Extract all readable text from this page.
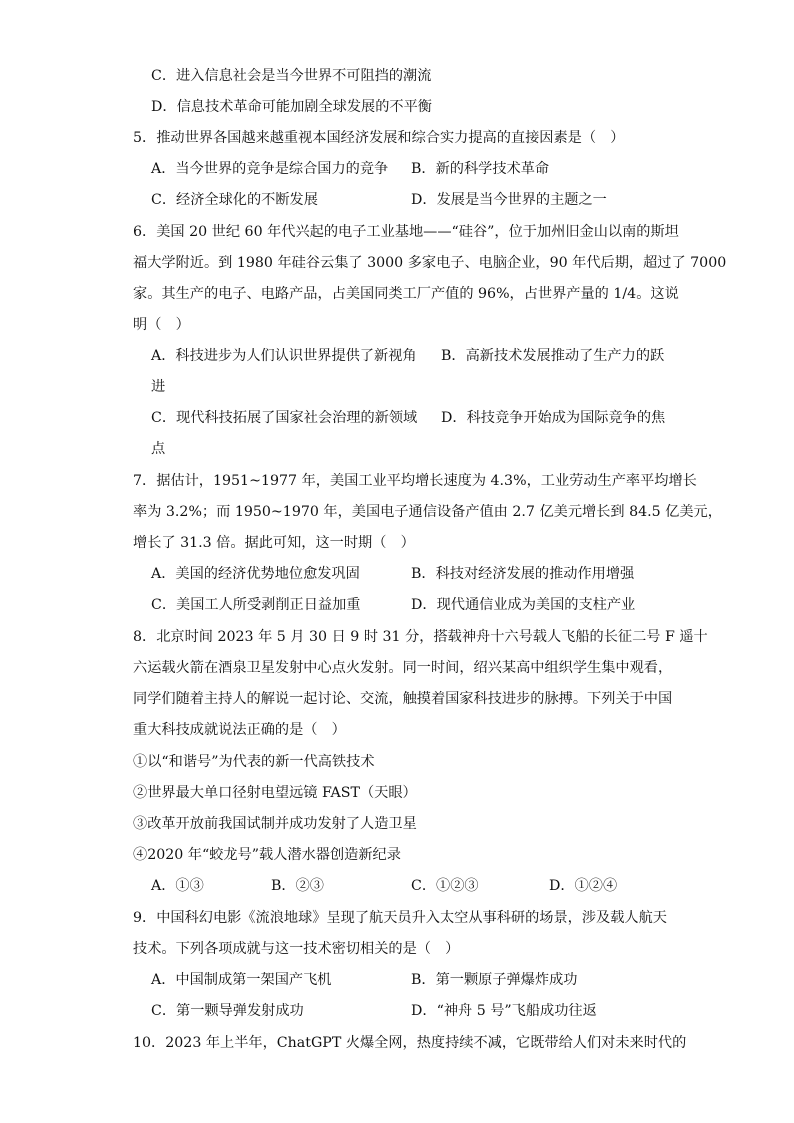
C．进入信息社会是当今世界不可阻挡的潮流
D．信息技术革命可能加剧全球发展的不平衡
5．推动世界各国越来越重视本国经济发展和综合实力提高的直接因素是（　）
A．当今世界的竞争是综合国力的竞争 B．新的科学技术革命
C．经济全球化的不断发展	D．发展是当今世界的主题之一
6．美国 20 世纪 60 年代兴起的电子工业基地——“硅谷”，位于加州旧金山以南的斯坦
福大学附近。到 1980 年硅谷云集了 3000 多家电子、电脑企业，90 年代后期，超过了 7000
家。其生产的电子、电路产品，占美国同类工厂产值的 96%，占世界产量的 1/4。这说
明（　）
A．科技进步为人们认识世界提供了新视角 B．高新技术发展推动了生产力的跃
进
C．现代科技拓展了国家社会治理的新领域 D．科技竞争开始成为国际竞争的焦
点
7．据估计，1951~1977 年，美国工业平均增长速度为 4.3%，工业劳动生产率平均增长
率为 3.2%；而 1950~1970 年，美国电子通信设备产值由 2.7 亿美元增长到 84.5 亿美元，
增长了 31.3 倍。据此可知，这一时期（　）
A．美国的经济优势地位愈发巩固	B．科技对经济发展的推动作用增强
C．美国工人所受剥削正日益加重	D．现代通信业成为美国的支柱产业
8．北京时间 2023 年 5 月 30 日 9 时 31 分，搭载神舟十六号载人飞船的长征二号 F 遥十
六运载火箭在酒泉卫星发射中心点火发射。同一时间，绍兴某高中组织学生集中观看，
同学们随着主持人的解说一起讨论、交流，触摸着国家科技进步的脉搏。下列关于中国
重大科技成就说法正确的是（　）
①以“和谐号”为代表的新一代高铁技术
②世界最大单口径射电望远镜 FAST（天眼）
③改革开放前我国试制并成功发射了人造卫星
④2020 年“蛟龙号”载人潜水器创造新纪录
A．①③	B．②③	C．①②③	D．①②④
9．中国科幻电影《流浪地球》呈现了航天员升入太空从事科研的场景，涉及载人航天
技术。下列各项成就与这一技术密切相关的是（　）
A．中国制成第一架国产飞机	B．第一颗原子弹爆炸成功
C．第一颗导弹发射成功	D．“神舟 5 号”飞船成功往返
10．2023 年上半年，ChatGPT 火爆全网，热度持续不减，它既带给人们对未来时代的
